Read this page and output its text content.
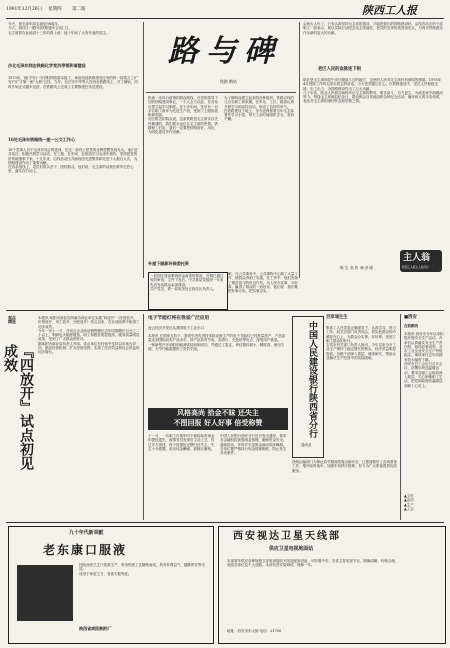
1991年12月26日	星期四	第二版	陕西工人报
今天，是毛泽东同志诞辰98周年。
今天，西(安)一建(安)铁路通车宝鸡(工)。
毛主席曾在此地讲十三年的真土地：他十年间了大有代表的党生。
沙北毛泽东同志铁路化学党员带领和谐建设
1973年，西(平安)一安(康)铁路基本竣工，承担西延铁路建设任务的铁一局第五工(广安)"安"字第一座"大桥"已经，当年，在长安中华等人在西北铁路线上，开工铺轨，同时开始正式通车运营，在铁路线上完成了主要修建任务及建设。
16处毛泽东铁路线一座一公文工作心
18个党事人员于毛泽东同志的遗训，在这一条线上把党的光辉思想发扬光大。他们在各站区，积极开展学习活动，在工地、在车间、在班组学习毛泽东著作，坚持把党的好传统继承下来。十几年来，沿线各站区共涌现出先进集体和先进个人数百人次，为铁路建设作出了重要贡献。
在各条战线上，党员们带头苦干，团结群众，他们说：毛主席的话我们要牢记在心里，落实在行动上。
路与碑
铁路 鹤站
机就一步执行政策的群众路线，在党的领导下加快铁路建设事业，一个人全力以赴，在各站区建立起学习制度。在十多年间，先后有一百多名职工被评为先进生产者，受到了上级的表彰和奖励。
站区附近的群众说，这条铁路是毛主席亲自关怀修建的，我们要永远记住毛主席的恩情。铁路职工们说，我们一定要把铁路管好，用好，为四化建设多作贡献。
为了修路而建立起来的各种组织，铁路沿线的几百名职工和家属，在车站、工区、段部认真开展学习和宣传活动，形成了良好的风气。
在铁路建设工地上，至今还保留着当年毛主席著作学习小组，每天工余时间组织学习，坚持不懈。
会尚大人作了，只有认真坚持毛主席的遗训，才能把我们的铁路建设好。沿线各站区的干部职工一致表示，要以实际行动纪念毛主席诞辰，把党的光荣传统发扬光大，为西安铁路建设作出新的更大的贡献。
老区人民的血脉连下根
陕北是毛主席和党中央长期战斗过的地方，这里的人民对毛主席怀有深厚的感情。1978年4月到陕工作的毛泽东同志的讲话，今天依然铭记在心。在铁路建设中，老区人民积极支援，出工出力，为铁路建设作出了巨大贡献。
几十年来，陕北人民群众始终牢记毛主席的教导，艰苦奋斗，自力更生，为改变家乡面貌而努力。每逢毛主席诞辰纪念日，群众都会自发地组织各种纪念活动，缅怀伟人的丰功伟绩，表达对毛主席的深切怀念和崇敬之情。
陈 宝  高 智  韩 彦 刚
主人翁
陕西工人报主人翁专栏
外屋下跟新环保委托资
一县园区建设系统资金改善的情况，近期已通过验收审查。文件下发后，中共基层党组织一年来先后发动群众参加建设。
共产党员、铁一局电务处五段站区负责人。
职，在公共事务中，公共事物中心做了大量工作，使群众得到了实惠。在工作中，他们发扬了艰苦奋斗的优良作风，为人民办实事、办好事，赢得了群众的一致好评。他们说：我们要把好事办好，把实事办实。
观点精选
『四放开』试点初见成效
本报讯 咸阳市商业局所属各商业单位实施“四放开”（经营放开、价格放开、用工放开、分配放开）试点以来，在各项改革中取得了初步成效。
今年一至十一月，各试点企业商品销售额比去年同期增长百分之二十以上，利润也大幅度增加。职工积极性明显提高，服务质量明显改善，受到了广大群众的好评。
据咸阳市商业局负责人介绍，试点单位在经营中坚持以市场为导向，搞活经营机制，扩大经营范围，实现了经济效益和社会效益的同步增长。
电子节能灯将在我省广泛应用
冠云经济开发区从我国电子工业出口
本报讯 在国家支持下，我省引进先进技术和设备生产的电子节能灯已经批量投产，产品质量达到国际同类产品水平，该产品具有节电、寿命长、光色好等优点，深受用户欢迎。
一种新型汽车油料消耗测试仪研制成功，并通过了鉴定，该仪器体积小、精度高、使用方便，为节约能源提供了有效手段。
风格高尚 拾金不昧 还失主
不图回报 好人好事 倍受称赞
十一月，一名职工在乘车时不慎将装有现金的提包遗失，被乘务员发现后主动上交，经过多方查找，终于将提包完整归还失主。失主十分感激，拿出现金酬谢，被婉言谢绝。
中国人民银行西安分行近日发出通知，要求各金融机构加强现金管理，确保资金安全。通知指出，年终岁末是资金流动的高峰期，各单位要严格执行现金管理制度，防止发生各类案件。
中国人民建设银行陕西省分行
通讯录
百家诵生生
集体工人在党委正确领导下，认真学习，努力工作。机关各部门负责同志，切实把群众的冷暖挂在心上，为群众办实事、办好事，受到了职工群众的好评。
宝鸡市有关部门负责人指出，今年以来全市工业生产保持了稳定增长的势头，经济效益明显提高。各级干部深入基层，调查研究，帮助企业解决生产经营中的实际困难。
铁路运输部门为保证春节期间旅客运输安全，已提前做好了各项准备工作，增开临时客车，加强车站秩序管理，努力为广大旅客提供优质服务。
■西安
在铁路线
本报讯 西安市今年以来积极开展安全生产活动，各单位认真落实安全生产责任制，取得显著成效。全市工业企业安全生产形势稳定，事故率比去年同期有较大幅度下降。
西安市总工会近日召开会议，部署年终送温暖活动，要求各级工会组织深入基层，关心困难职工生活，把党和政府的温暖送到职工心坎上。
▲文化
▲活动
▲生产
▲工会
九十年代新幸献
老东康口服液
经陕西省卫生厅批准生产，采用传统工艺精制而成，具有补肾益气、健脾养胃等功效。
适用于体虚乏力、食欲不振等症。
陕西省咸阳制药厂
西安视达卫星天线部
供应卫星电视地面站
本部常年供应各种规格卫星电视接收天线及配套设备，可收看中央、各省卫星电视节目，图像清晰，价格合理。
欢迎各单位及个人选购，本部负责安装调试，保修一年。
地址：西安市东大街 电话：21768
